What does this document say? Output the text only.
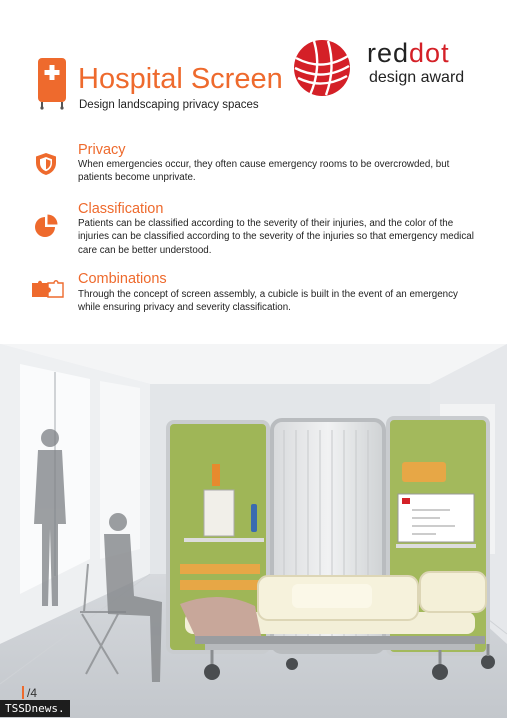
Hospital Screen
Design landscaping privacy spaces
reddot
design award
Privacy
When emergencies occur, they often cause emergency rooms to be overcrowded, but patients become unprivate.
Classification
Patients can be classified according to the severity of their injuries, and the color of the injuries can be classified according to the severity of the injuries so that emergency medical care can be better understood.
Combinations
Through the concept of screen assembly, a cubicle is built in the event of an emergency while ensuring privacy and severity classification.
/4
TSSDnews.
